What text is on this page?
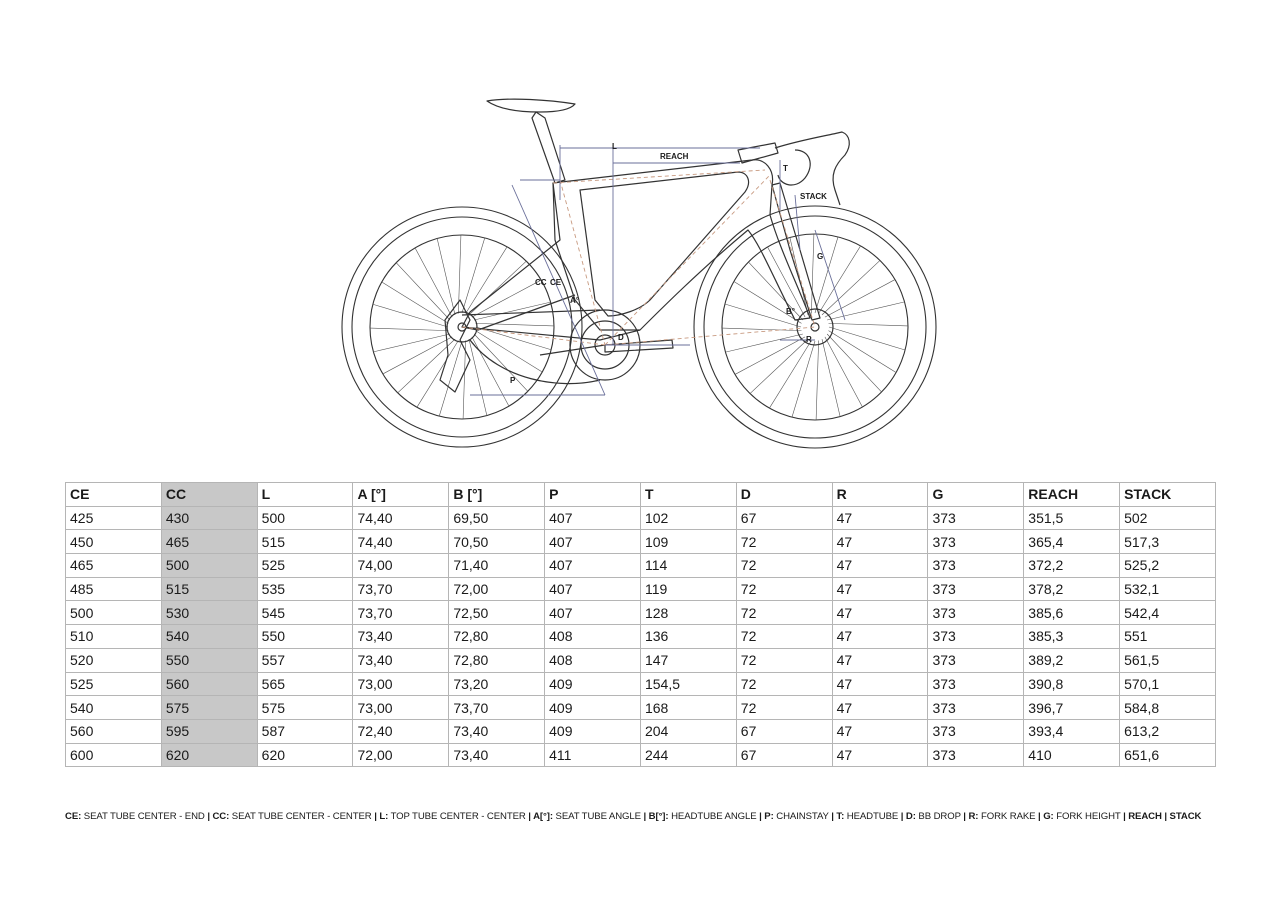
L
REACH
T
STACK
G
CC CE
A°
B°
R
D
P
CE	CC	L	A [°]	B [°]	P	T	D	R	G	REACH	STACK
425	430	500	74,40	69,50	407	102	67	47	373	351,5	502
450	465	515	74,40	70,50	407	109	72	47	373	365,4	517,3
465	500	525	74,00	71,40	407	114	72	47	373	372,2	525,2
485	515	535	73,70	72,00	407	119	72	47	373	378,2	532,1
500	530	545	73,70	72,50	407	128	72	47	373	385,6	542,4
510	540	550	73,40	72,80	408	136	72	47	373	385,3	551
520	550	557	73,40	72,80	408	147	72	47	373	389,2	561,5
525	560	565	73,00	73,20	409	154,5	72	47	373	390,8	570,1
540	575	575	73,00	73,70	409	168	72	47	373	396,7	584,8
560	595	587	72,40	73,40	409	204	67	47	373	393,4	613,2
600	620	620	72,00	73,40	411	244	67	47	373	410	651,6
CE: SEAT TUBE CENTER - END | CC: SEAT TUBE CENTER - CENTER | L: TOP TUBE CENTER - CENTER | A[°]: SEAT TUBE ANGLE | B[°]: HEADTUBE ANGLE | P: CHAINSTAY | T: HEADTUBE | D: BB DROP | R: FORK RAKE | G: FORK HEIGHT | REACH | STACK
